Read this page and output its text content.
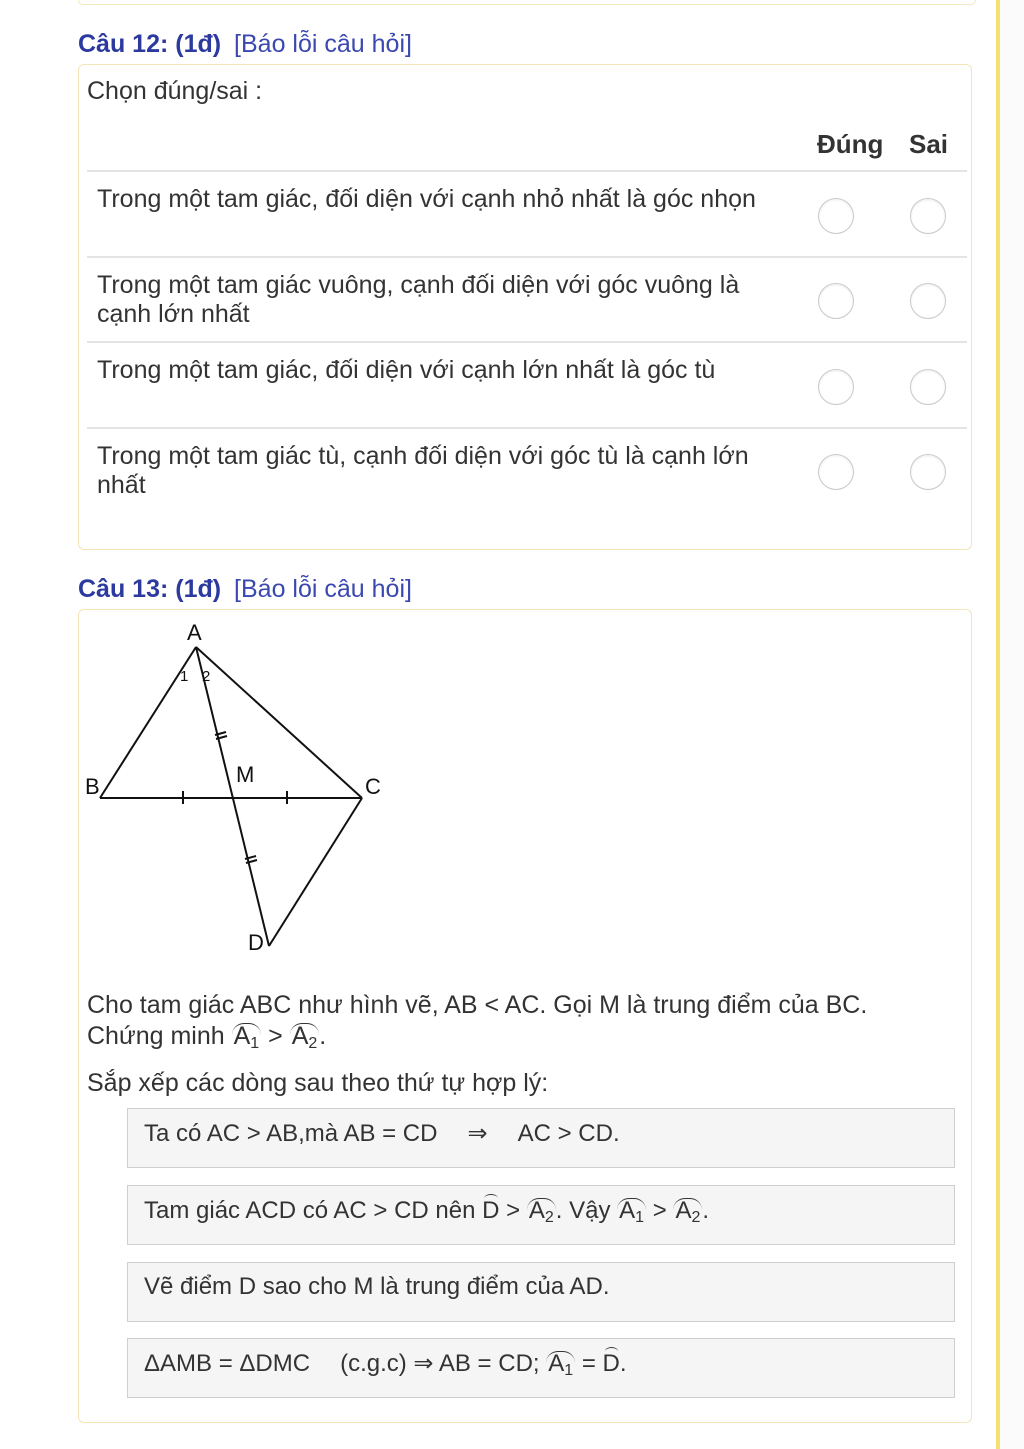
Câu 12: (1đ) [Báo lỗi câu hỏi]
Chọn đúng/sai :
Đúng Sai
Trong một tam giác, đối diện với cạnh nhỏ nhất là góc nhọn
Trong một tam giác vuông, cạnh đối diện với góc vuông là cạnh lớn nhất
Trong một tam giác, đối diện với cạnh lớn nhất là góc tù
Trong một tam giác tù, cạnh đối diện với góc tù là cạnh lớn nhất
Câu 13: (1đ) [Báo lỗi câu hỏi]
A
B	C
M
D
1 2
Cho tam giác ABC như hình vẽ, AB < AC. Gọi M là trung điểm của BC.
Chứng minh $A_1 > A_2$.
Sắp xếp các dòng sau theo thứ tự hợp lý:
Ta có AC > AB,mà AB = CD ⇒ AC > CD.
Tam giác ACD có AC > CD nên $D > A_2$. Vậy $A_1 > A_2$.
Vẽ điểm D sao cho M là trung điểm của AD.
ΔAMB = ΔDMC (c.g.c) ⇒ AB = CD; $A_1 = D$.
